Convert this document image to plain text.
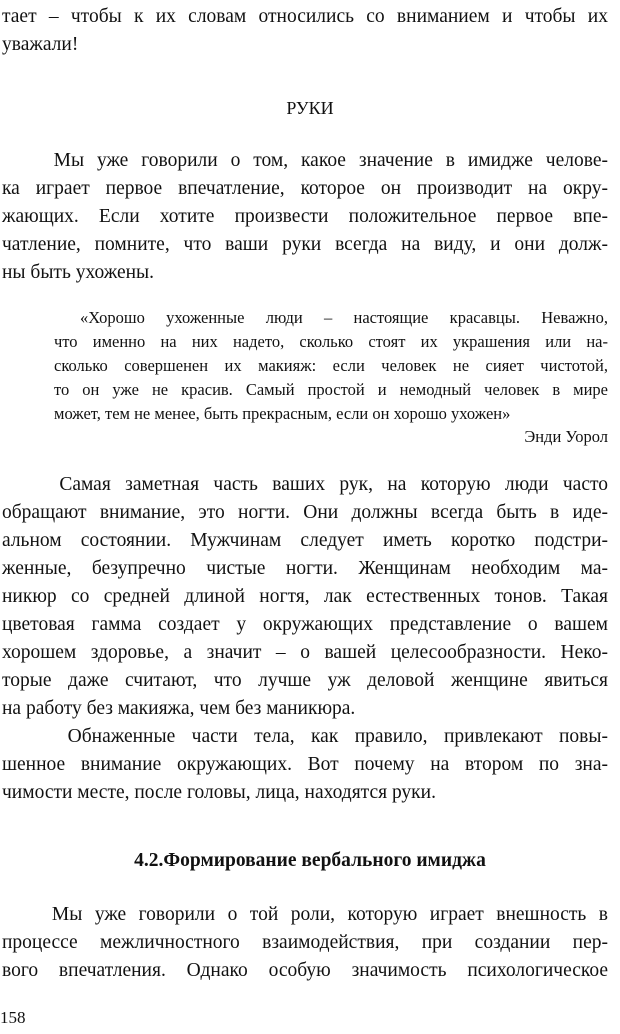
тает – чтобы к их словам относились со вниманием и чтобы их
уважали!
РУКИ
Мы уже говорили о том, какое значение в имидже челове-
ка играет первое впечатление, которое он производит на окру-
жающих. Если хотите произвести положительное первое впе-
чатление, помните, что ваши руки всегда на виду, и они долж-
ны быть ухожены.
«Хорошо ухоженные люди – настоящие красавцы. Неважно,
что именно на них надето, сколько стоят их украшения или на-
сколько совершенен их макияж: если человек не сияет чистотой,
то он уже не красив. Самый простой и немодный человек в мире
может, тем не менее, быть прекрасным, если он хорошо ухожен»
Энди Уорол
Самая заметная часть ваших рук, на которую люди часто
обращают внимание, это ногти. Они должны всегда быть в иде-
альном состоянии. Мужчинам следует иметь коротко подстри-
женные, безупречно чистые ногти. Женщинам необходим ма-
никюр со средней длиной ногтя, лак естественных тонов. Такая
цветовая гамма создает у окружающих представление о вашем
хорошем здоровье, а значит – о вашей целесообразности. Неко-
торые даже считают, что лучше уж деловой женщине явиться
на работу без макияжа, чем без маникюра.
Обнаженные части тела, как правило, привлекают повы-
шенное внимание окружающих. Вот почему на втором по зна-
чимости месте, после головы, лица, находятся руки.
4.2.Формирование вербального имиджа
Мы уже говорили о той роли, которую играет внешность в
процессе межличностного взаимодействия, при создании пер-
вого впечатления. Однако особую значимость психологическое
158
